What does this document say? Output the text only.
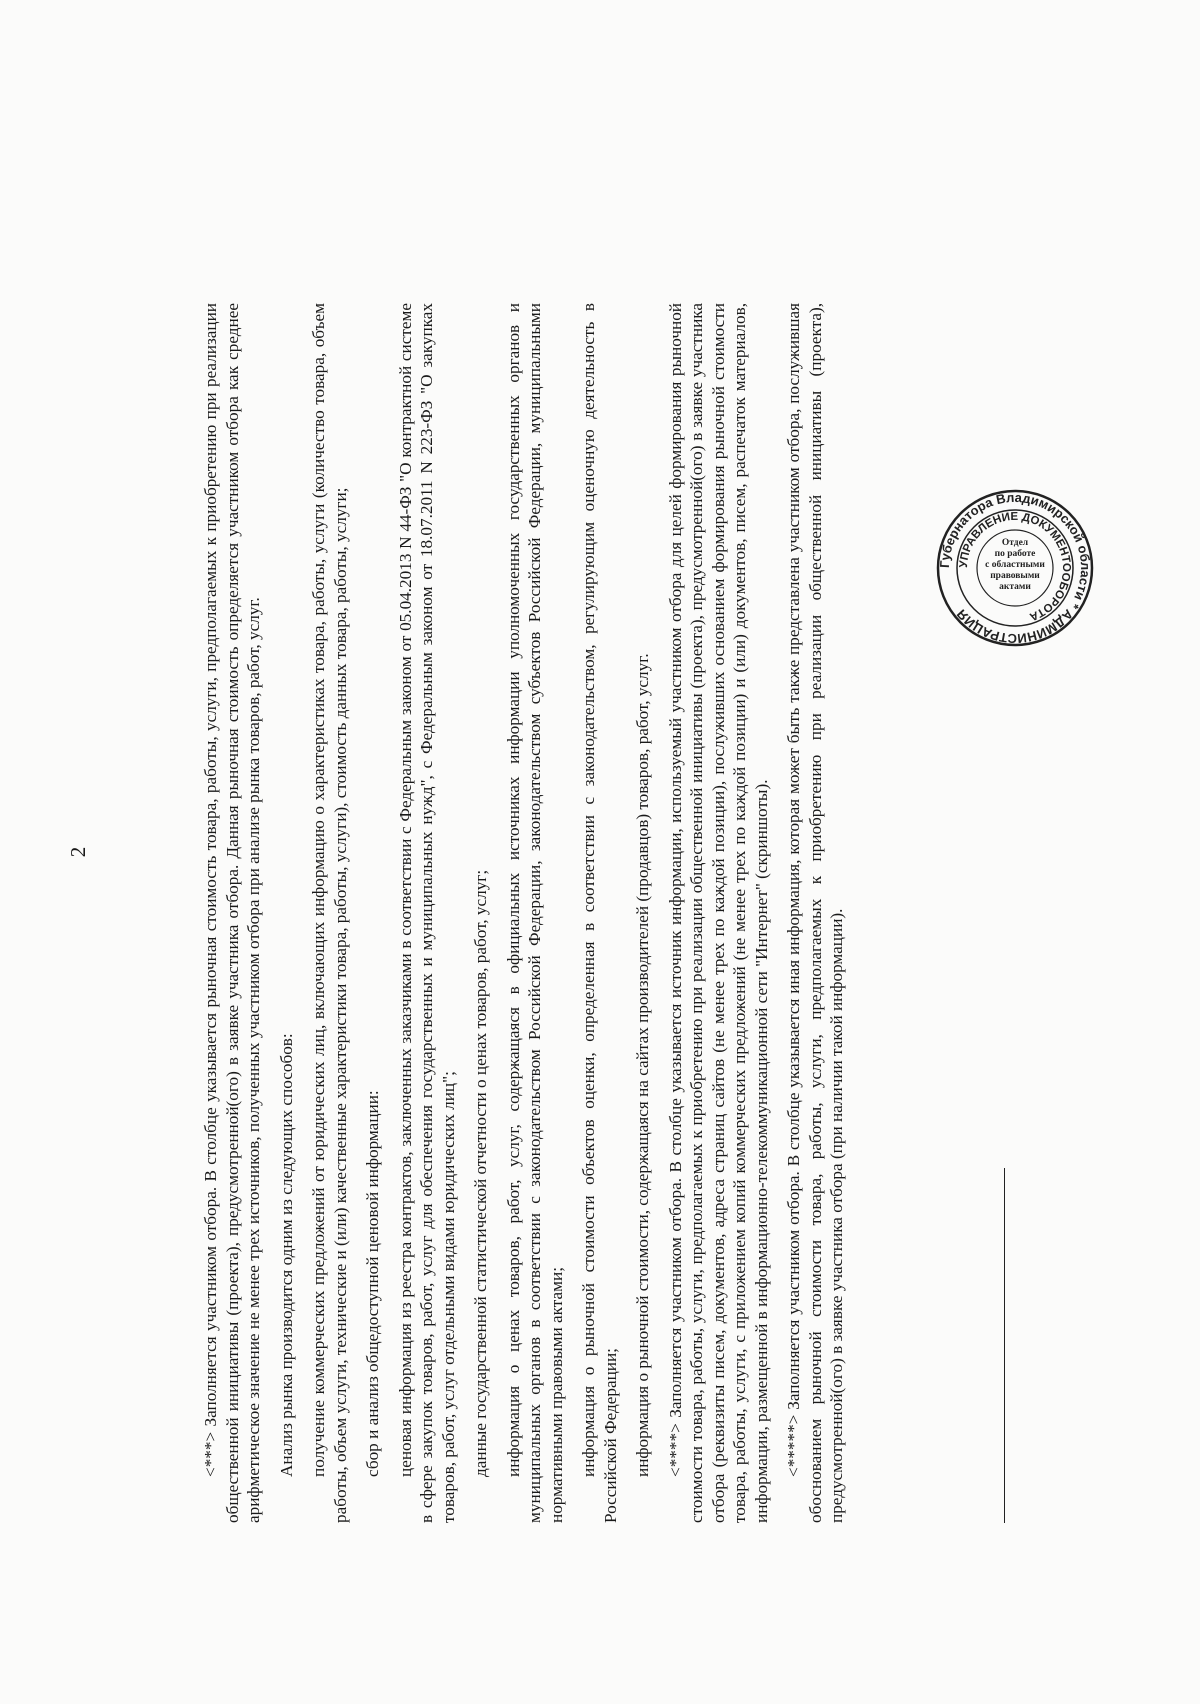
2	<***> Заполняется участником отбора. В столбце указывается рыночная стоимость товара, работы, услуги, предполагаемых к приобретению при реализации общественной инициативы (проекта), предусмотренной(ого) в заявке участника отбора. Данная рыночная стоимость определяется участником отбора как среднее арифметическое значение не менее трех источников, полученных участником отбора при анализе рынка товаров, работ, услуг. Анализ рынка производится одним из следующих способов: получение коммерческих предложений от юридических лиц, включающих информацию о характеристиках товара, работы, услуги (количество товара, объем работы, объем услуги, технические и (или) качественные характеристики товара, работы, услуги), стоимость данных товара, работы, услуги; сбор и анализ общедоступной ценовой информации: ценовая информация из реестра контрактов, заключенных заказчиками в соответствии с Федеральным законом от 05.04.2013 N 44-ФЗ "О контрактной системе в сфере закупок товаров, работ, услуг для обеспечения государственных и муниципальных нужд", с Федеральным законом от 18.07.2011 N 223-ФЗ "О закупках товаров, работ, услуг отдельными видами юридических лиц"; данные государственной статистической отчетности о ценах товаров, работ, услуг; информация о ценах товаров, работ, услуг, содержащаяся в официальных источниках информации уполномоченных государственных органов и муниципальных органов в соответствии с законодательством Российской Федерации, законодательством субъектов Российской Федерации, муниципальными нормативными правовыми актами; информация о рыночной стоимости объектов оценки, определенная в соответствии с законодательством, регулирующим оценочную деятельность в Российской Федерации; информация о рыночной стоимости, содержащаяся на сайтах производителей (продавцов) товаров, работ, услуг. <****> Заполняется участником отбора. В столбце указывается источник информации, используемый участником отбора для целей формирования рыночной стоимости товара, работы, услуги, предполагаемых к приобретению при реализации общественной инициативы (проекта), предусмотренной(ого) в заявке участника отбора (реквизиты писем, документов, адреса страниц сайтов (не менее трех по каждой позиции), послуживших основанием формирования рыночной стоимости товара, работы, услуги, с приложением копий коммерческих предложений (не менее трех по каждой позиции) и (или) документов, писем, распечаток материалов, информации, размещенной в информационно-телекоммуникационной сети "Интернет" (скриншоты). <*****> Заполняется участником отбора. В столбце указывается иная информация, которая может быть также представлена участником отбора, послужившая обоснованием рыночной стоимости товара, работы, услуги, предполагаемых к приобретению при реализации общественной инициативы (проекта), предусмотренной(ого) в заявке участника отбора (при наличии такой информации).

Губернатора Владимирской области * АДМИНИСТРАЦИЯ
УПРАВЛЕНИЕ ДОКУМЕНТООБОРОТА
Отдел
по работе
с областными
правовыми
актами
